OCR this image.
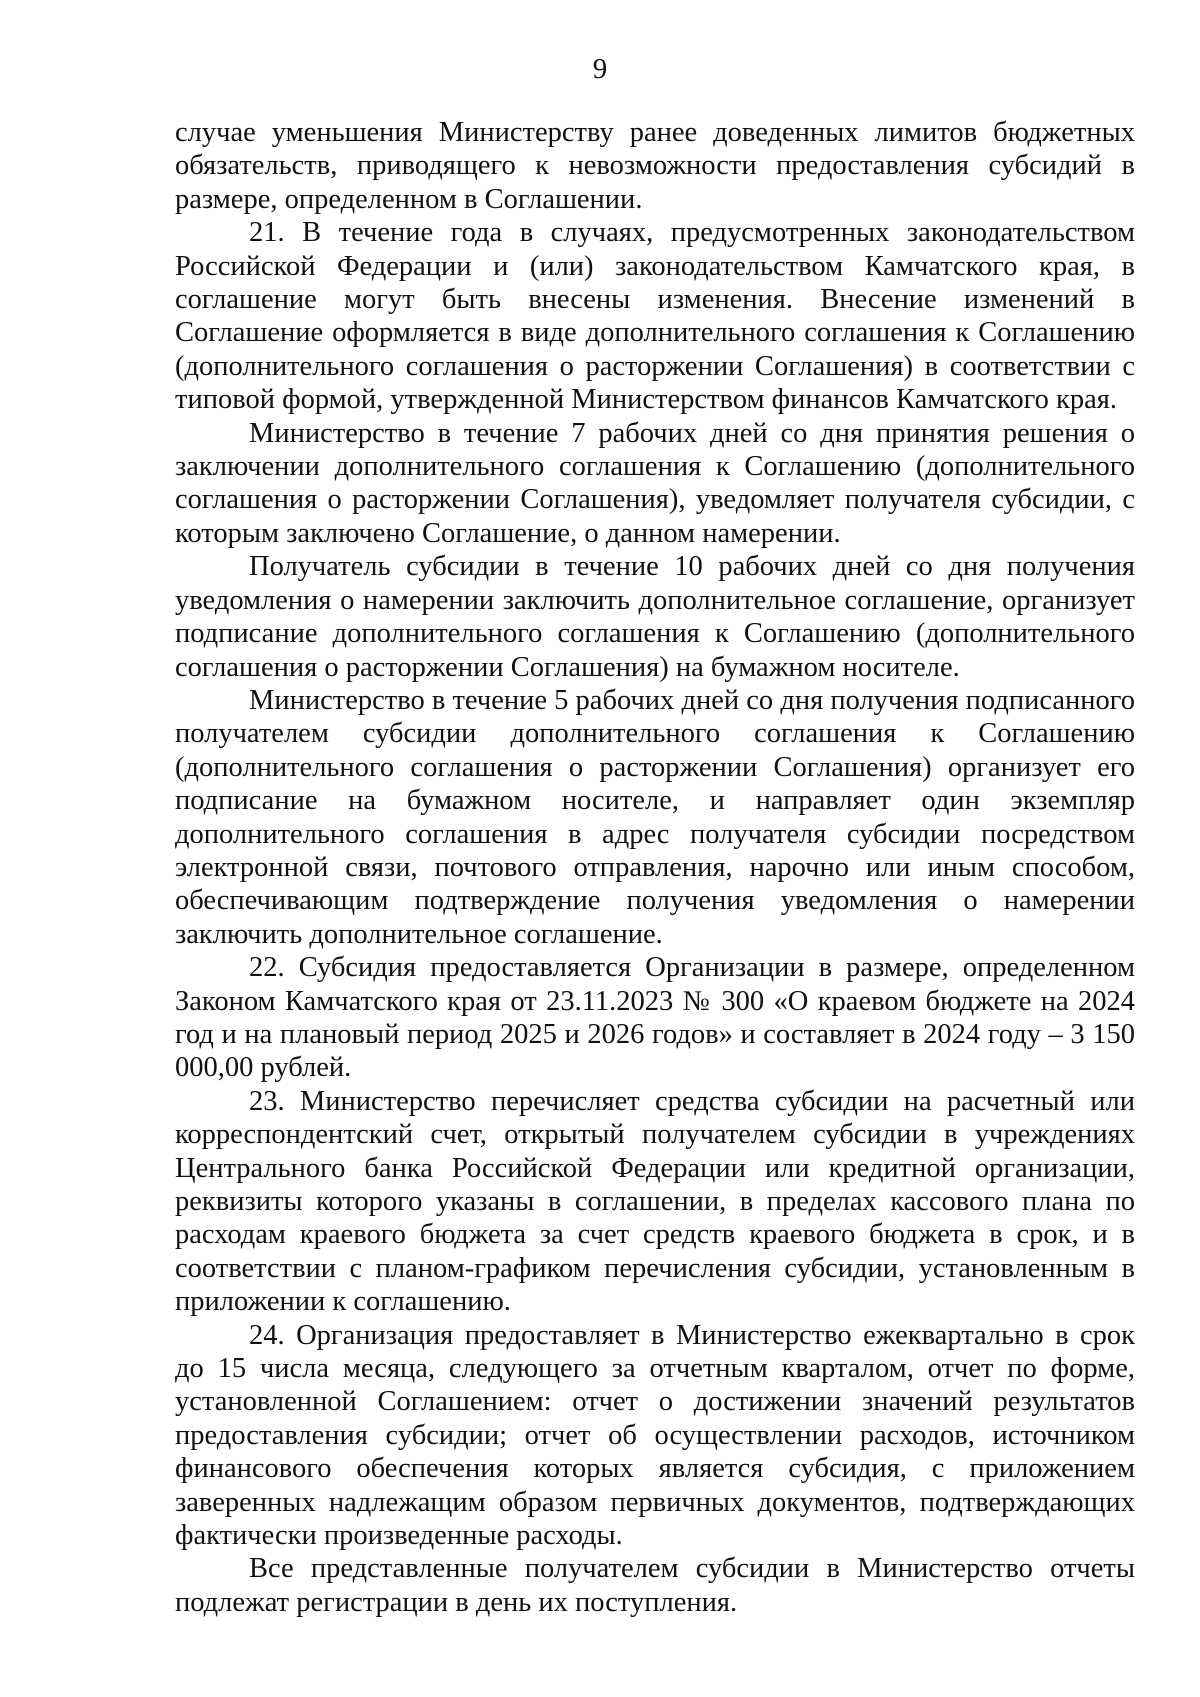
9

случае уменьшения Министерству ранее доведенных лимитов бюджетных обязательств, приводящего к невозможности предоставления субсидий в размере, определенном в Соглашении.

21. В течение года в случаях, предусмотренных законодательством Российской Федерации и (или) законодательством Камчатского края, в соглашение могут быть внесены изменения. Внесение изменений в Соглашение оформляется в виде дополнительного соглашения к Соглашению (дополнительного соглашения о расторжении Соглашения) в соответствии с типовой формой, утвержденной Министерством финансов Камчатского края.

Министерство в течение 7 рабочих дней со дня принятия решения о заключении дополнительного соглашения к Соглашению (дополнительного соглашения о расторжении Соглашения), уведомляет получателя субсидии, с которым заключено Соглашение, о данном намерении.

Получатель субсидии в течение 10 рабочих дней со дня получения уведомления о намерении заключить дополнительное соглашение, организует подписание дополнительного соглашения к Соглашению (дополнительного соглашения о расторжении Соглашения) на бумажном носителе.

Министерство в течение 5 рабочих дней со дня получения подписанного получателем субсидии дополнительного соглашения к Соглашению (дополнительного соглашения о расторжении Соглашения) организует его подписание на бумажном носителе, и направляет один экземпляр дополнительного соглашения в адрес получателя субсидии посредством электронной связи, почтового отправления, нарочно или иным способом, обеспечивающим подтверждение получения уведомления о намерении заключить дополнительное соглашение.

22. Субсидия предоставляется Организации в размере, определенном Законом Камчатского края от 23.11.2023 № 300 «О краевом бюджете на 2024 год и на плановый период 2025 и 2026 годов» и составляет в 2024 году – 3 150 000,00 рублей.

23. Министерство перечисляет средства субсидии на расчетный или корреспондентский счет, открытый получателем субсидии в учреждениях Центрального банка Российской Федерации или кредитной организации, реквизиты которого указаны в соглашении, в пределах кассового плана по расходам краевого бюджета за счет средств краевого бюджета в срок, и в соответствии с планом-графиком перечисления субсидии, установленным в приложении к соглашению.

24. Организация предоставляет в Министерство ежеквартально в срок до 15 числа месяца, следующего за отчетным кварталом, отчет по форме, установленной Соглашением: отчет о достижении значений результатов предоставления субсидии; отчет об осуществлении расходов, источником финансового обеспечения которых является субсидия, с приложением заверенных надлежащим образом первичных документов, подтверждающих фактически произведенные расходы.

Все представленные получателем субсидии в Министерство отчеты подлежат регистрации в день их поступления.
